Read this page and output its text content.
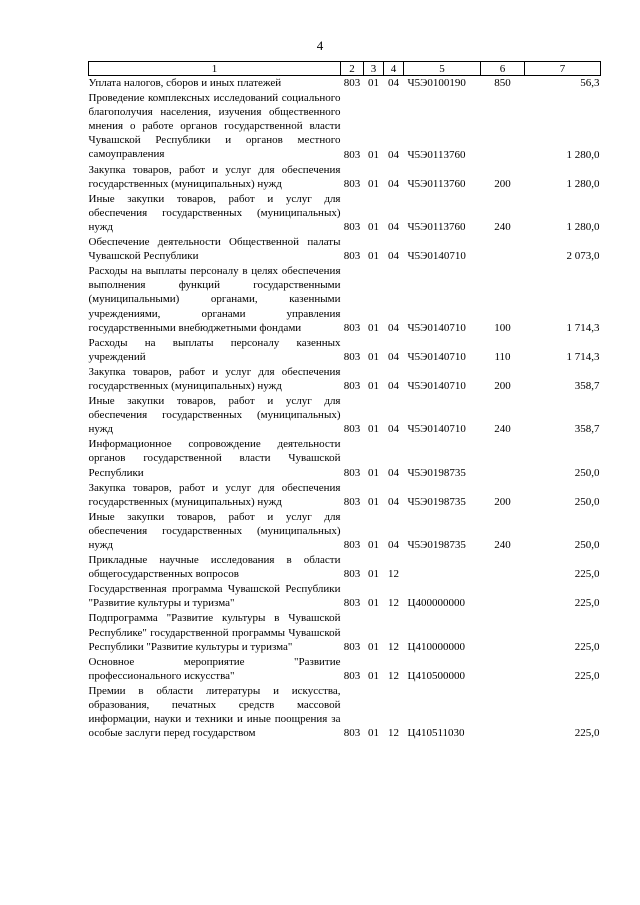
4
1	2	3	4	5	6	7
Уплата налогов, сборов и иных платежей	803	01	04	Ч5Э0100190	850	56,3
Проведение комплексных исследований социального благополучия населения, изучения общественного мнения о работе органов государственной власти Чувашской Республики и органов местного самоуправления	803	01	04	Ч5Э0113760		1 280,0
Закупка товаров, работ и услуг для обеспечения государственных (муниципальных) нужд	803	01	04	Ч5Э0113760	200	1 280,0
Иные закупки товаров, работ и услуг для обеспечения государственных (муниципальных) нужд	803	01	04	Ч5Э0113760	240	1 280,0
Обеспечение деятельности Общественной палаты Чувашской Республики	803	01	04	Ч5Э0140710		2 073,0
Расходы на выплаты персоналу в целях обеспечения выполнения функций государственными (муниципальными) органами, казенными учреждениями, органами управления государственными внебюджетными фондами	803	01	04	Ч5Э0140710	100	1 714,3
Расходы на выплаты персоналу казенных учреждений	803	01	04	Ч5Э0140710	110	1 714,3
Закупка товаров, работ и услуг для обеспечения государственных (муниципальных) нужд	803	01	04	Ч5Э0140710	200	358,7
Иные закупки товаров, работ и услуг для обеспечения государственных (муниципальных) нужд	803	01	04	Ч5Э0140710	240	358,7
Информационное сопровождение деятельности органов государственной власти Чувашской Республики	803	01	04	Ч5Э0198735		250,0
Закупка товаров, работ и услуг для обеспечения государственных (муниципальных) нужд	803	01	04	Ч5Э0198735	200	250,0
Иные закупки товаров, работ и услуг для обеспечения государственных (муниципальных) нужд	803	01	04	Ч5Э0198735	240	250,0
Прикладные научные исследования в области общегосударственных вопросов	803	01	12			225,0
Государственная программа Чувашской Республики "Развитие культуры и туризма"	803	01	12	Ц400000000		225,0
Подпрограмма "Развитие культуры в Чувашской Республике" государственной программы Чувашской Республики "Развитие культуры и туризма"	803	01	12	Ц410000000		225,0
Основное мероприятие "Развитие профессионального искусства"	803	01	12	Ц410500000		225,0
Премии в области литературы и искусства, образования, печатных средств массовой информации, науки и техники и иные поощрения за особые заслуги перед государством	803	01	12	Ц410511030		225,0
